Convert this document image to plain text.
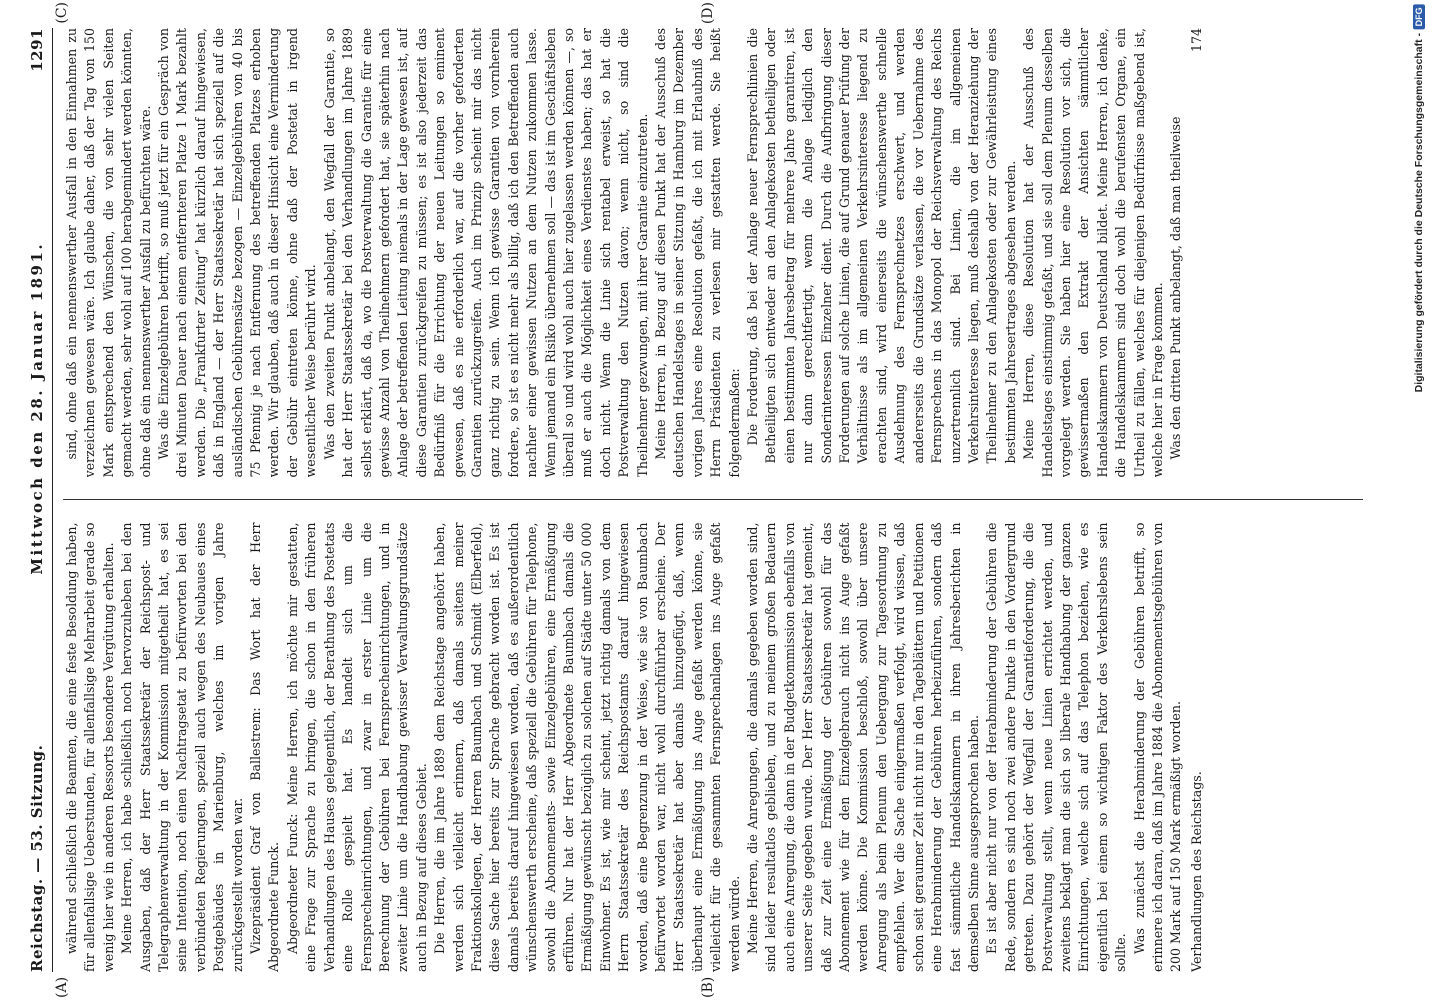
Reichstag. — 53. Sitzung.
Mittwoch den 28. Januar 1891.
1291

während schließlich die Beamten, die eine feste Besoldung haben, für allenfallsige Ueberstunden, für allenfallsige Mehrarbeit gerade so wenig hier wie in anderen Ressorts besondere Vergütung erhalten. Meine Herren, ich habe schließlich noch hervorzuheben bei den Ausgaben, daß der Herr Staatssekretär der Reichspost- und Telegraphenverwaltung in der Kommission mitgetheilt hat, es sei seine Intention, noch einen Nachtragsetat zu befürworten bei den verbündeten Regierungen, speziell auch wegen des Neubaues eines Postgebäudes in Marienburg, welches im vorigen Jahre zurückgestellt worden war. Vizepräsident Graf von Ballestrem: Das Wort hat der Herr Abgeordnete Funck. Abgeordneter Funck: Meine Herren, ich möchte mir gestatten, eine Frage zur Sprache zu bringen, die schon in den früheren Verhandlungen des Hauses gelegentlich, der Berathung des Postetats eine Rolle gespielt hat. Es handelt sich um die Fernsprecheinrichtungen, und zwar in erster Linie um die Berechnung der Gebühren bei Fernsprecheinrichtungen, und in zweiter Linie um die Handhabung gewisser Verwaltungsgrundsätze auch in Bezug auf dieses Gebiet. Die Herren, die im Jahre 1889 dem Reichstage angehört haben, werden sich vielleicht erinnern, daß damals seitens meiner Fraktionskollegen, der Herren Baumbach und Schmidt (Elberfeld), diese Sache hier bereits zur Sprache gebracht worden ist. Es ist damals bereits darauf hingewiesen worden, daß es außerordentlich wünschenswerth erscheine, daß speziell die Gebühren für Telephone, sowohl die Abonnements- sowie Einzelgebühren, eine Ermäßigung erführen. Nur hat der Herr Abgeordnete Baumbach damals die Ermäßigung gewünscht bezüglich zu solchen auf Städte unter 50 000 Einwohner. Es ist, wie mir scheint, jetzt richtig damals von dem Herrn Staatssekretär des Reichspostamts darauf hingewiesen worden, daß eine Begrenzung in der Weise, wie sie von Baumbach befürwortet worden war, nicht wohl durchführbar erscheine. Der Herr Staatssekretär hat aber damals hinzugefügt, daß, wenn überhaupt eine Ermäßigung ins Auge gefaßt werden könne, sie vielleicht für die gesammten Fernsprechanlagen ins Auge gefaßt werden würde. Meine Herren, die Anregungen, die damals gegeben worden sind, sind leider resultatlos geblieben, und zu meinem großen Bedauern auch eine Anregung, die dann in der Budgetkommission ebenfalls von unserer Seite gegeben wurde. Der Herr Staatssekretär hat gemeint, daß zur Zeit eine Ermäßigung der Gebühren sowohl für das Abonnement wie für den Einzelgebrauch nicht ins Auge gefaßt werden könne. Die Kommission beschloß, sowohl über unsere Anregung als beim Plenum den Uebergang zur Tagesordnung zu empfehlen. Wer die Sache einigermaßen verfolgt, wird wissen, daß schon seit geraumer Zeit nicht nur in den Tageblättern und Petitionen eine Herabminderung der Gebühren herbeizuführen, sondern daß fast sämmtliche Handelskammern in ihren Jahresberichten in demselben Sinne ausgesprochen haben. Es ist aber nicht nur von der Herabminderung der Gebühren die Rede, sondern es sind noch zwei andere Punkte in den Vordergrund getreten. Dazu gehört der Wegfall der Garantieforderung, die die Postverwaltung stellt, wenn neue Linien errichtet werden, und zweitens beklagt man die sich so liberale Handhabung der ganzen Einrichtungen, welche sich auf das Telephon beziehen, wie es eigentlich bei einem so wichtigen Faktor des Verkehrslebens sein sollte. Was zunächst die Herabminderung der Gebühren betrifft, so erinnere ich daran, daß im Jahre 1884 die Abonnementsgebühren von 200 Mark auf 150 Mark ermäßigt worden. Verhandlungen des Reichstags.

sind, ohne daß ein nennenswerther Ausfall in den Einnahmen zu verzeichnen gewesen wäre. Ich glaube daher, daß der Tag von 150 Mark entsprechend den Wünschen, die von sehr vielen Seiten gemacht werden, sehr wohl auf 100 herabgemindert werden könnten, ohne daß ein nennenswerther Ausfall zu befürchten wäre. Was die Einzelgebühren betrifft, so muß jetzt für ein Gespräch von drei Minuten Dauer nach einem entfernteren Platze 1 Mark bezahlt werden. Die „Frankfurter Zeitung“ hat kürzlich darauf hingewiesen, daß in England — der Herr Staatssekretär hat sich speziell auf die ausländischen Gebührensätze bezogen — Einzelgebühren von 40 bis 75 Pfennig je nach Entfernung des betreffenden Platzes erhoben werden. Wir glauben, daß auch in dieser Hinsicht eine Verminderung der Gebühr eintreten könne, ohne daß der Postetat in irgend wesentlicher Weise berührt wird. Was den zweiten Punkt anbelangt, den Wegfall der Garantie, so hat der Herr Staatssekretär bei den Verhandlungen im Jahre 1889 selbst erklärt, daß da, wo die Postverwaltung die Garantie für eine gewisse Anzahl von Theilnehmern gefordert hat, sie späterhin nach Anlage der betreffenden Leitung niemals in der Lage gewesen ist, auf diese Garantien zurückgreifen zu müssen; es ist also jederzeit das Bedürfniß für die Errichtung der neuen Leitungen so eminent gewesen, daß es nie erforderlich war, auf die vorher geforderten Garantien zurückzugreifen. Auch im Prinzip scheint mir das nicht ganz richtig zu sein. Wenn ich gewisse Garantien von vornherein fordere, so ist es nicht mehr als billig, daß ich den Betreffenden auch nachher einer gewissen Nutzen an dem Nutzen zukommen lasse. Wenn jemand ein Risiko übernehmen soll — das ist im Geschäftsleben überall so und wird wohl auch hier zugelassen werden können —, so muß er auch die Möglichkeit eines Verdienstes haben; das hat er doch nicht. Wenn die Linie sich rentabel erweist, so hat die Postverwaltung den Nutzen davon; wenn nicht, so sind die Theilnehmer gezwungen, mit ihrer Garantie einzutreten. Meine Herren, in Bezug auf diesen Punkt hat der Ausschuß des deutschen Handelstages in seiner Sitzung in Hamburg im Dezember vorigen Jahres eine Resolution gefaßt, die ich mit Erlaubniß des Herrn Präsidenten zu verlesen mir gestatten werde. Sie heißt folgendermaßen: Die Forderung, daß bei der Anlage neuer Fernsprechlinien die Betheiligten sich entweder an den Anlagekosten betheiligen oder einen bestimmten Jahresbetrag für mehrere Jahre garantiren, ist nur dann gerechtfertigt, wenn die Anlage lediglich den Sonderinteressen Einzelner dient. Durch die Aufbringung dieser Forderungen auf solche Linien, die auf Grund genauer Prüfung der Verhältnisse als im allgemeinen Verkehrsinteresse liegend zu erachten sind, wird einerseits die wünschenswerthe schnelle Ausdehnung des Fernsprechnetzes erschwert, und werden andererseits die Grundsätze verlassen, die vor Uebernahme des Fernsprechens in das Monopol der Reichsverwaltung des Reichs unzertrennlich sind. Bei Linien, die im allgemeinen Verkehrsinteresse liegen, muß deshalb von der Heranziehung der Theilnehmer zu den Anlagekosten oder zur Gewährleistung eines bestimmten Jahresertrages abgesehen werden. Meine Herren, diese Resolution hat der Ausschuß des Handelstages einstimmig gefaßt, und sie soll dem Plenum desselben vorgelegt werden. Sie haben hier eine Resolution vor sich, die gewissermaßen den Extrakt der Ansichten sämmtlicher Handelskammern von Deutschland bildet. Meine Herren, ich denke, die Handelskammern sind doch wohl die berufensten Organe, ein Urtheil zu fällen, welches für diejenigen Bedürfnisse maßgebend ist, welche hier in Frage kommen. Was den dritten Punkt anbelangt, daß man theilweise

174

(A)	(B)
(C)	(D)
Digitalisierung gefördert durch die Deutsche Forschungsgemeinschaft -
DFG
